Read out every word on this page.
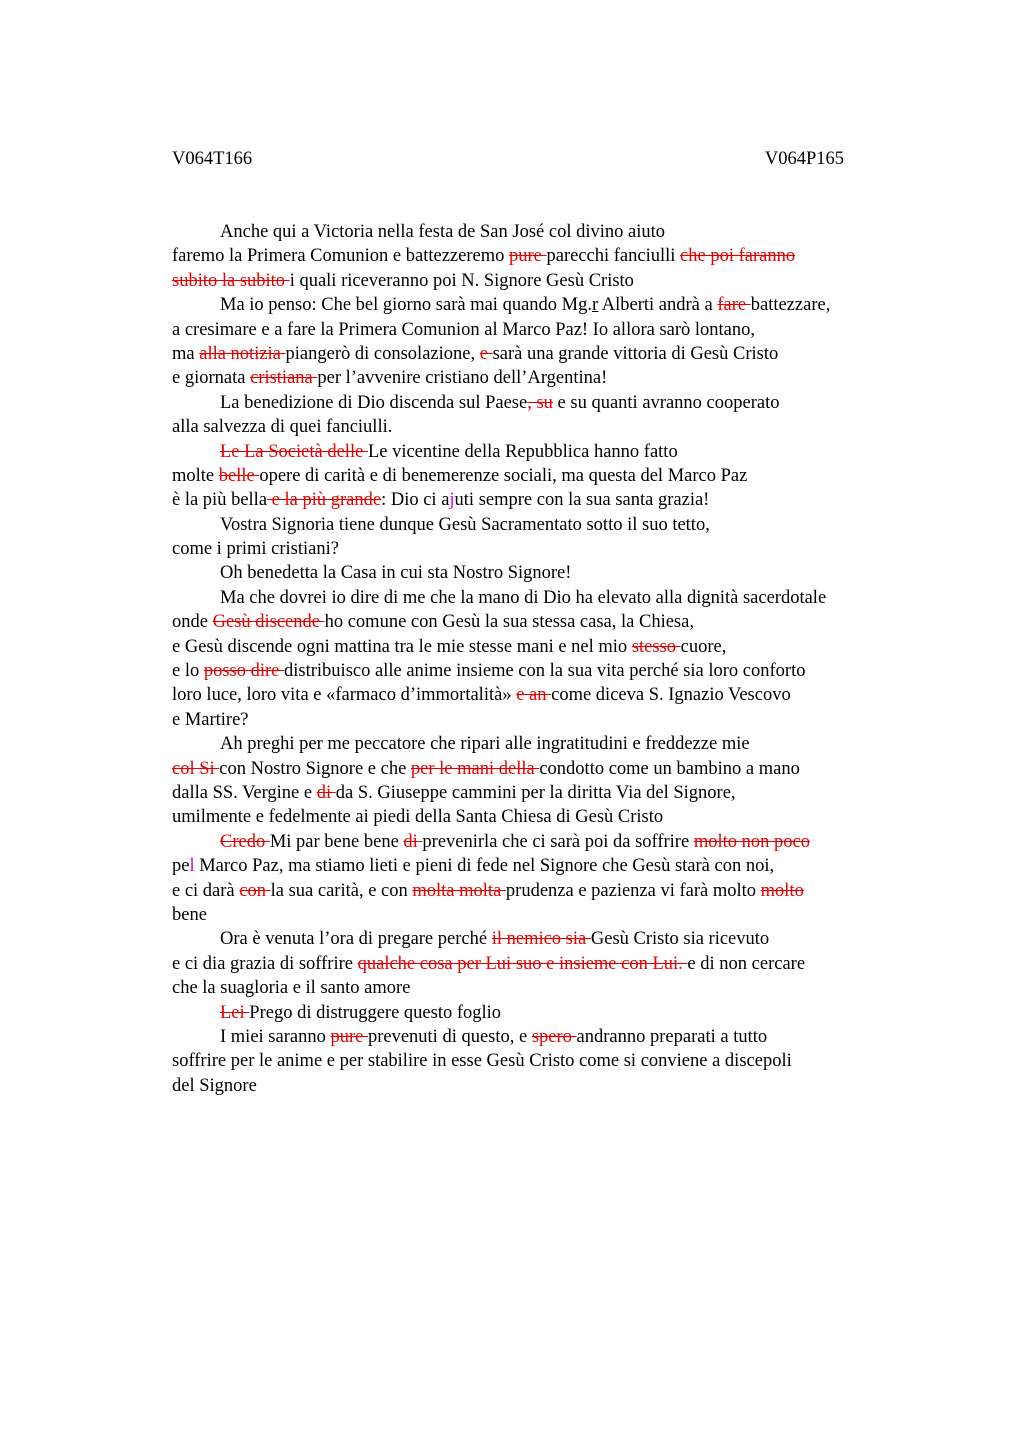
V064T166	V064P165
Anche qui a Victoria nella festa de San José col divino aiuto
faremo la Primera Comunion e battezzeremo pure parecchi fanciulli che poi faranno
subito la subito i quali riceveranno poi N. Signore Gesù Cristo
Ma io penso: Che bel giorno sarà mai quando Mg.r Alberti andrà a fare battezzare,
a cresimare e a fare la Primera Comunion al Marco Paz! Io allora sarò lontano,
ma alla notizia piangerò di consolazione, e sarà una grande vittoria di Gesù Cristo
e giornata cristiana per l’avvenire cristiano dell’Argentina!
La benedizione di Dio discenda sul Paese, su e su quanti avranno cooperato
alla salvezza di quei fanciulli.
Le La Società delle Le vicentine della Repubblica hanno fatto
molte belle opere di carità e di benemerenze sociali, ma questa del Marco Paz
è la più bella e la più grande: Dio ci ajuti sempre con la sua santa grazia!
Vostra Signoria tiene dunque Gesù Sacramentato sotto il suo tetto,
come i primi cristiani?
Oh benedetta la Casa in cui sta Nostro Signore!
Ma che dovrei io dire di me che la mano di Dio ha elevato alla dignità sacerdotale
onde Gesù discende ho comune con Gesù la sua stessa casa, la Chiesa,
e Gesù discende ogni mattina tra le mie stesse mani e nel mio stesso cuore,
e lo posso dire distribuisco alle anime insieme con la sua vita perché sia loro conforto
loro luce, loro vita e «farmaco d’immortalità» e an come diceva S. Ignazio Vescovo
e Martire?
Ah preghi per me peccatore che ripari alle ingratitudini e freddezze mie
col Si con Nostro Signore e che per le mani della condotto come un bambino a mano
dalla SS. Vergine e di da S. Giuseppe cammini per la diritta Via del Signore,
umilmente e fedelmente ai piedi della Santa Chiesa di Gesù Cristo
Credo Mi par bene bene di prevenirla che ci sarà poi da soffrire molto non poco
pel Marco Paz, ma stiamo lieti e pieni di fede nel Signore che Gesù starà con noi,
e ci darà con la sua carità, e con molta molta prudenza e pazienza vi farà molto molto
bene
Ora è venuta l’ora di pregare perché il nemico sia Gesù Cristo sia ricevuto
e ci dia grazia di soffrire qualche cosa per Lui suo e insieme con Lui. e di non cercare
che la suagloria e il santo amore
Lei Prego di distruggere questo foglio
I miei saranno pure prevenuti di questo, e spero andranno preparati a tutto
soffrire per le anime e per stabilire in esse Gesù Cristo come si conviene a discepoli
del Signore
